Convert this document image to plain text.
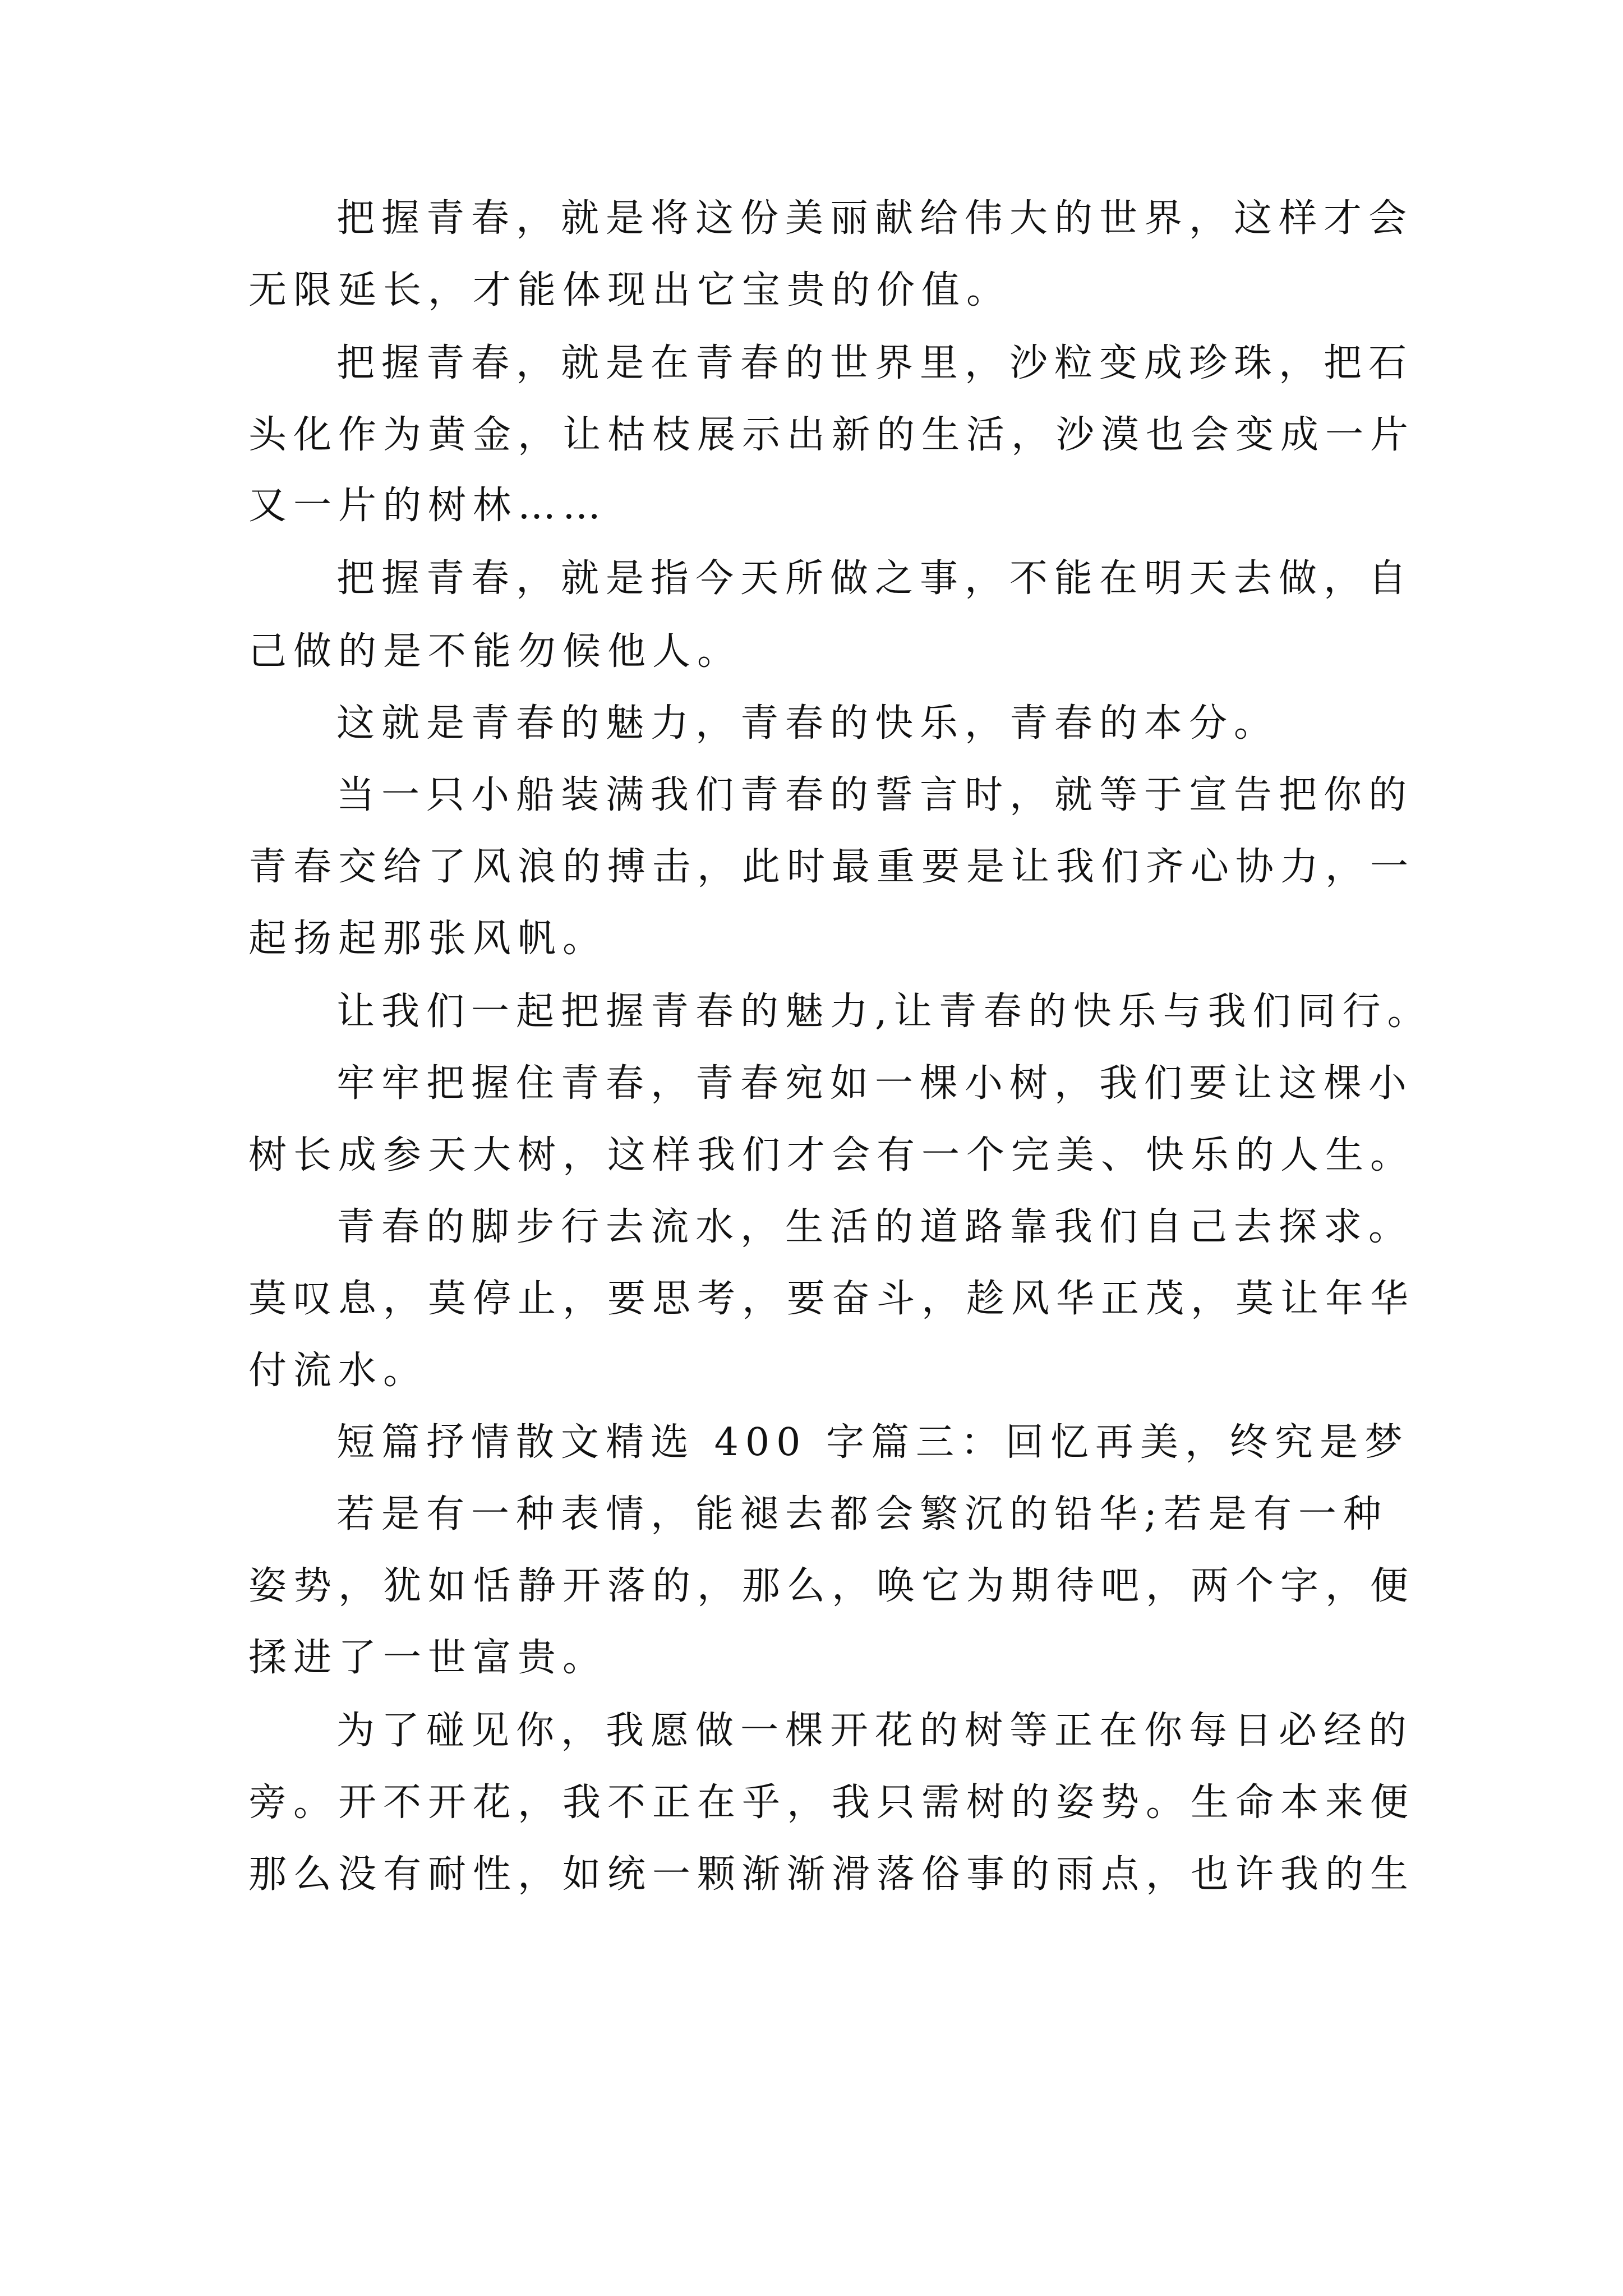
把握青春，就是将这份美丽献给伟大的世界，这样才会
无限延长，才能体现出它宝贵的价值。
把握青春，就是在青春的世界里，沙粒变成珍珠，把石
头化作为黄金，让枯枝展示出新的生活，沙漠也会变成一片
又一片的树林……
把握青春，就是指今天所做之事，不能在明天去做，自
己做的是不能勿候他人。
这就是青春的魅力，青春的快乐，青春的本分。
当一只小船装满我们青春的誓言时，就等于宣告把你的
青春交给了风浪的搏击，此时最重要是让我们齐心协力，一
起扬起那张风帆。
让我们一起把握青春的魅力,让青春的快乐与我们同行。
牢牢把握住青春，青春宛如一棵小树，我们要让这棵小
树长成参天大树，这样我们才会有一个完美、快乐的人生。
青春的脚步行去流水，生活的道路靠我们自己去探求。
莫叹息，莫停止，要思考，要奋斗，趁风华正茂，莫让年华
付流水。
短篇抒情散文精选 400 字篇三：回忆再美，终究是梦
若是有一种表情，能褪去都会繁沉的铅华;若是有一种
姿势，犹如恬静开落的，那么，唤它为期待吧，两个字，便
揉进了一世富贵。
为了碰见你，我愿做一棵开花的树等正在你每日必经的
旁。开不开花，我不正在乎，我只需树的姿势。生命本来便
那么没有耐性，如统一颗渐渐滑落俗事的雨点，也许我的生
